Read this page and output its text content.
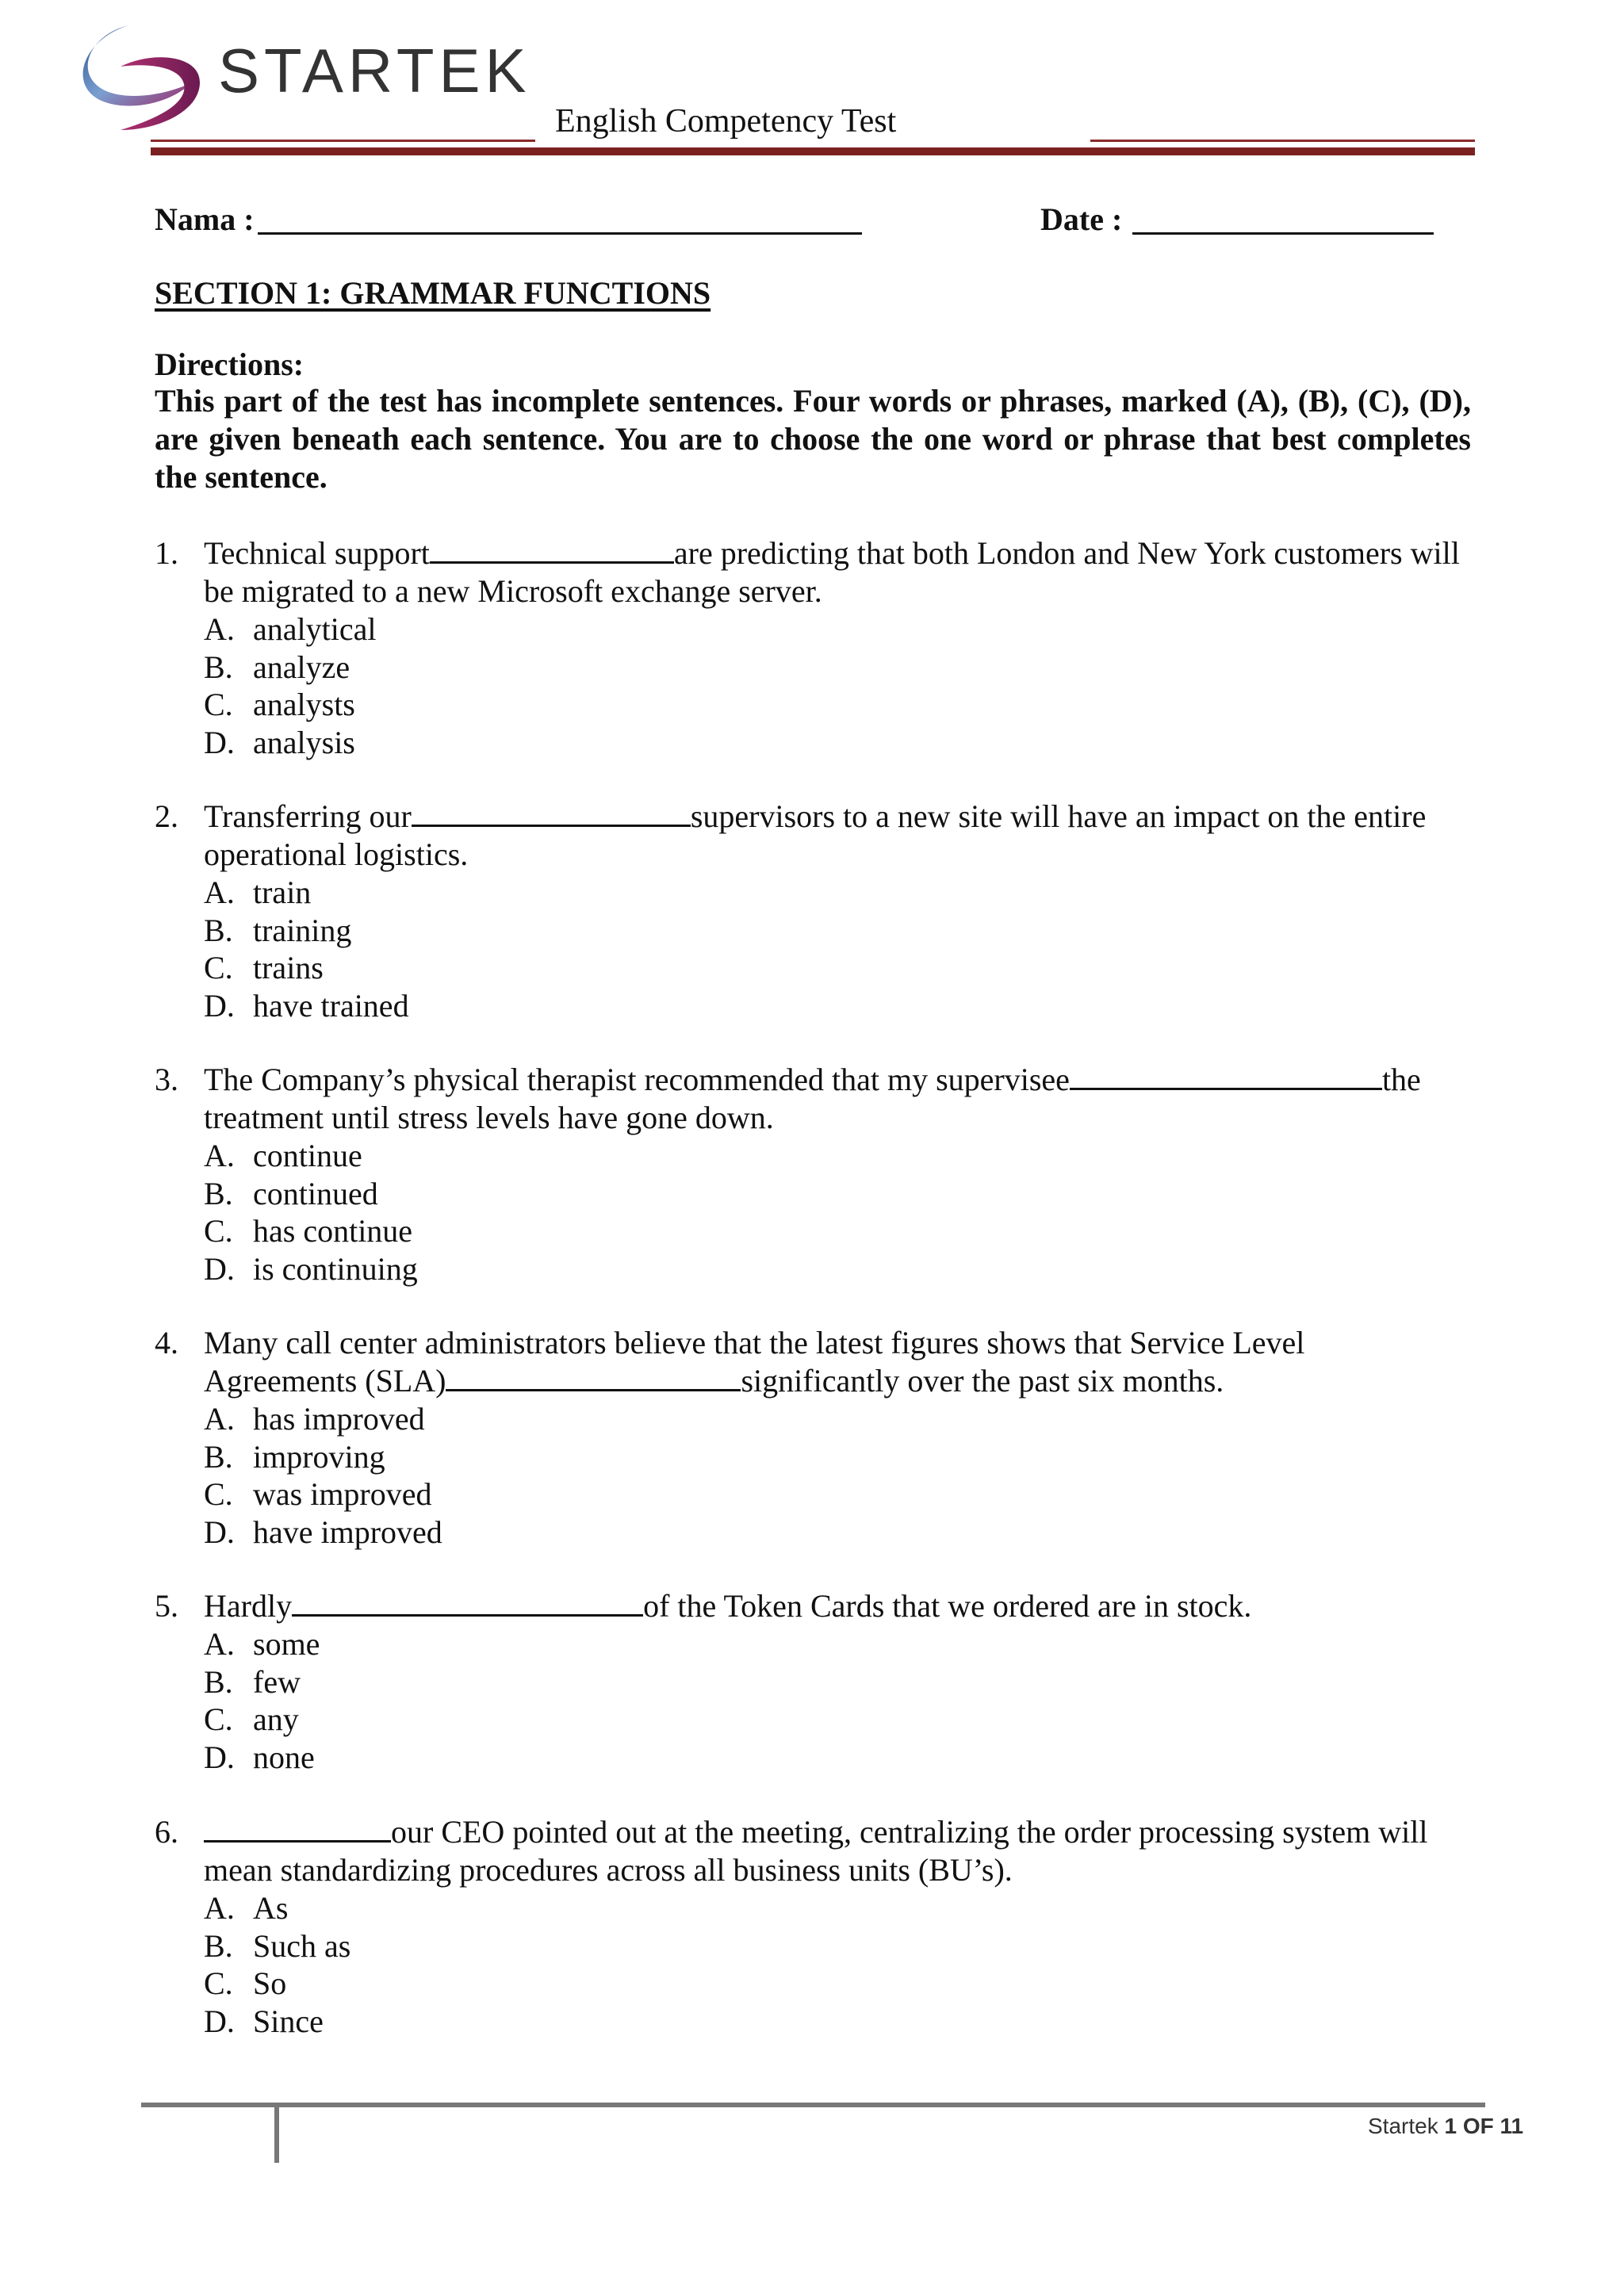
STARTEK
English Competency Test
Nama :	Date :
SECTION 1: GRAMMAR FUNCTIONS
Directions:
This part of the test has incomplete sentences. Four words or phrases, marked (A), (B), (C), (D), are given beneath each sentence. You are to choose the one word or phrase that best completes the sentence.
1. Technical support	are predicting that both London and New York customers will be migrated to a new Microsoft exchange server.
A. analytical
B. analyze
C. analysts
D. analysis
2. Transferring our	supervisors to a new site will have an impact on the entire operational logistics.
A. train
B. training
C. trains
D. have trained
3. The Company’s physical therapist recommended that my supervisee	the treatment until stress levels have gone down.
A. continue
B. continued
C. has continue
D. is continuing
4. Many call center administrators believe that the latest figures shows that Service Level Agreements (SLA)	significantly over the past six months.
A. has improved
B. improving
C. was improved
D. have improved
5. Hardly	of the Token Cards that we ordered are in stock.
A. some
B. few
C. any
D. none
6.	our CEO pointed out at the meeting, centralizing the order processing system will mean standardizing procedures across all business units (BU’s).
A. As
B. Such as
C. So
D. Since
Startek 1 OF 11
